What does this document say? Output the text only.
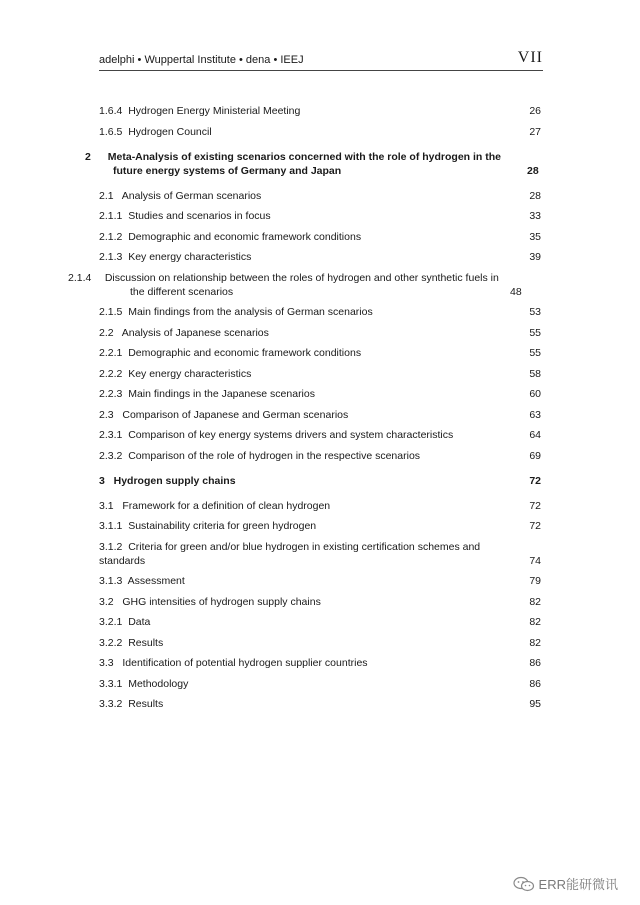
adelphi • Wuppertal Institute • dena • IEEJ	VII
1.6.4 Hydrogen Energy Ministerial Meeting	26
1.6.5 Hydrogen Council	27
2 Meta-Analysis of existing scenarios concerned with the role of hydrogen in the future energy systems of Germany and Japan	28
2.1 Analysis of German scenarios	28
2.1.1 Studies and scenarios in focus	33
2.1.2 Demographic and economic framework conditions	35
2.1.3 Key energy characteristics	39
2.1.4 Discussion on relationship between the roles of hydrogen and other synthetic fuels in the different scenarios	48
2.1.5 Main findings from the analysis of German scenarios	53
2.2 Analysis of Japanese scenarios	55
2.2.1 Demographic and economic framework conditions	55
2.2.2 Key energy characteristics	58
2.2.3 Main findings in the Japanese scenarios	60
2.3 Comparison of Japanese and German scenarios	63
2.3.1 Comparison of key energy systems drivers and system characteristics	64
2.3.2 Comparison of the role of hydrogen in the respective scenarios	69
3 Hydrogen supply chains	72
3.1 Framework for a definition of clean hydrogen	72
3.1.1 Sustainability criteria for green hydrogen	72
3.1.2 Criteria for green and/or blue hydrogen in existing certification schemes and standards	74
3.1.3 Assessment	79
3.2 GHG intensities of hydrogen supply chains	82
3.2.1 Data	82
3.2.2 Results	82
3.3 Identification of potential hydrogen supplier countries	86
3.3.1 Methodology	86
3.3.2 Results	95
ERR能研微讯
